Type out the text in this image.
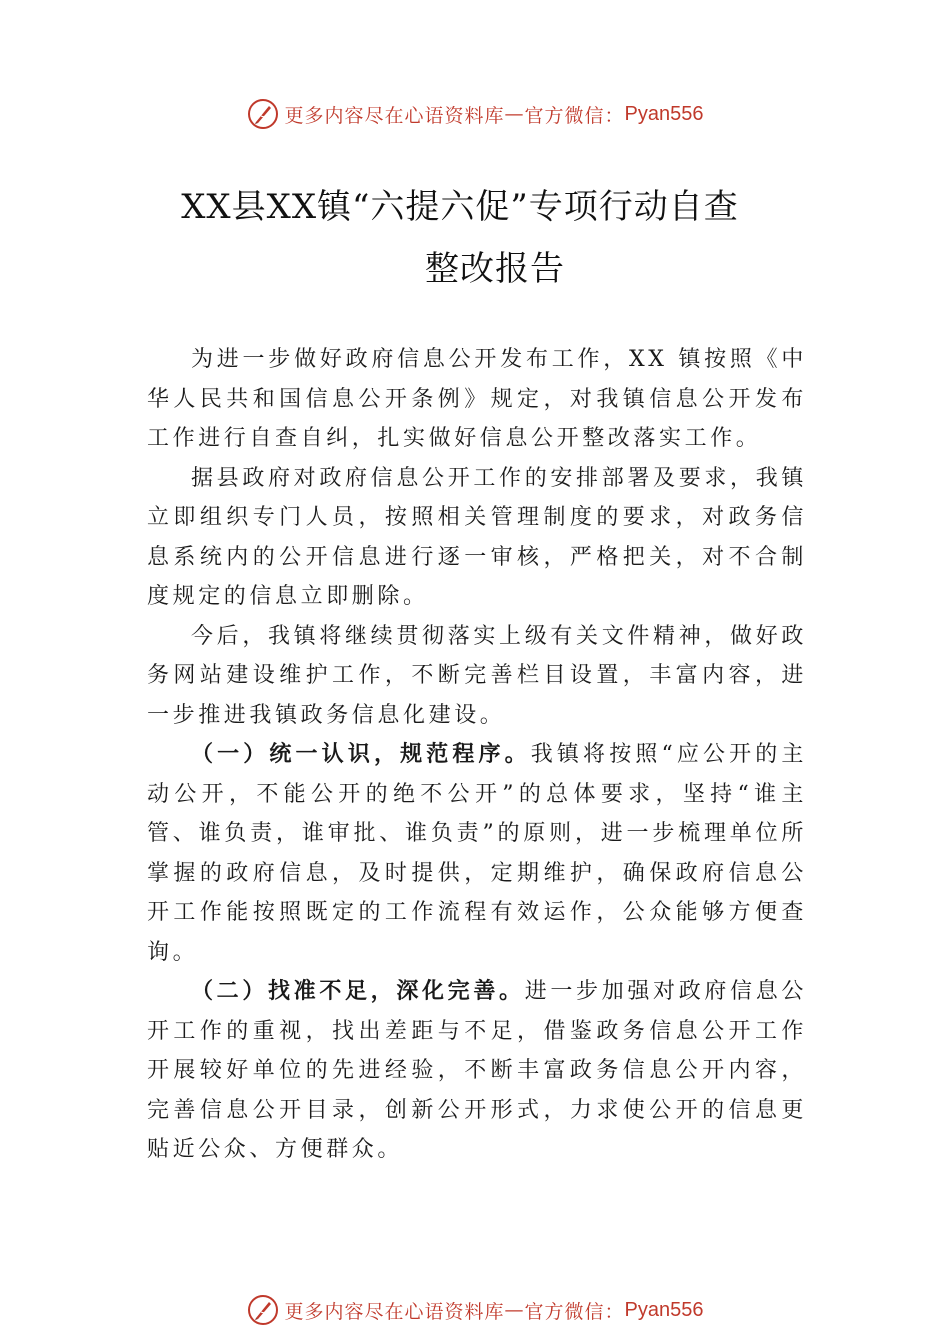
更多内容尽在心语资料库 — 官方微信： Pyan556
XX县XX镇“六提六促”专项行动自查
整改报告

为进一步做好政府信息公开发布工作，XX 镇按照《中华人民共和国信息公开条例》规定，对我镇信息公开发布工作进行自查自纠，扎实做好信息公开整改落实工作。

据县政府对政府信息公开工作的安排部署及要求，我镇立即组织专门人员，按照相关管理制度的要求，对政务信息系统内的公开信息进行逐一审核，严格把关，对不合制度规定的信息立即删除。

今后，我镇将继续贯彻落实上级有关文件精神，做好政务网站建设维护工作，不断完善栏目设置，丰富内容，进一步推进我镇政务信息化建设。

（一）统一认识，规范程序。我镇将按照“应公开的主动公开，不能公开的绝不公开”的总体要求，坚持“谁主管、谁负责，谁审批、谁负责”的原则，进一步梳理单位所掌握的政府信息，及时提供，定期维护，确保政府信息公开工作能按照既定的工作流程有效运作，公众能够方便查询。

（二）找准不足，深化完善。进一步加强对政府信息公开工作的重视，找出差距与不足，借鉴政务信息公开工作开展较好单位的先进经验，不断丰富政务信息公开内容，完善信息公开目录，创新公开形式，力求使公开的信息更贴近公众、方便群众。

更多内容尽在心语资料库 — 官方微信： Pyan556
